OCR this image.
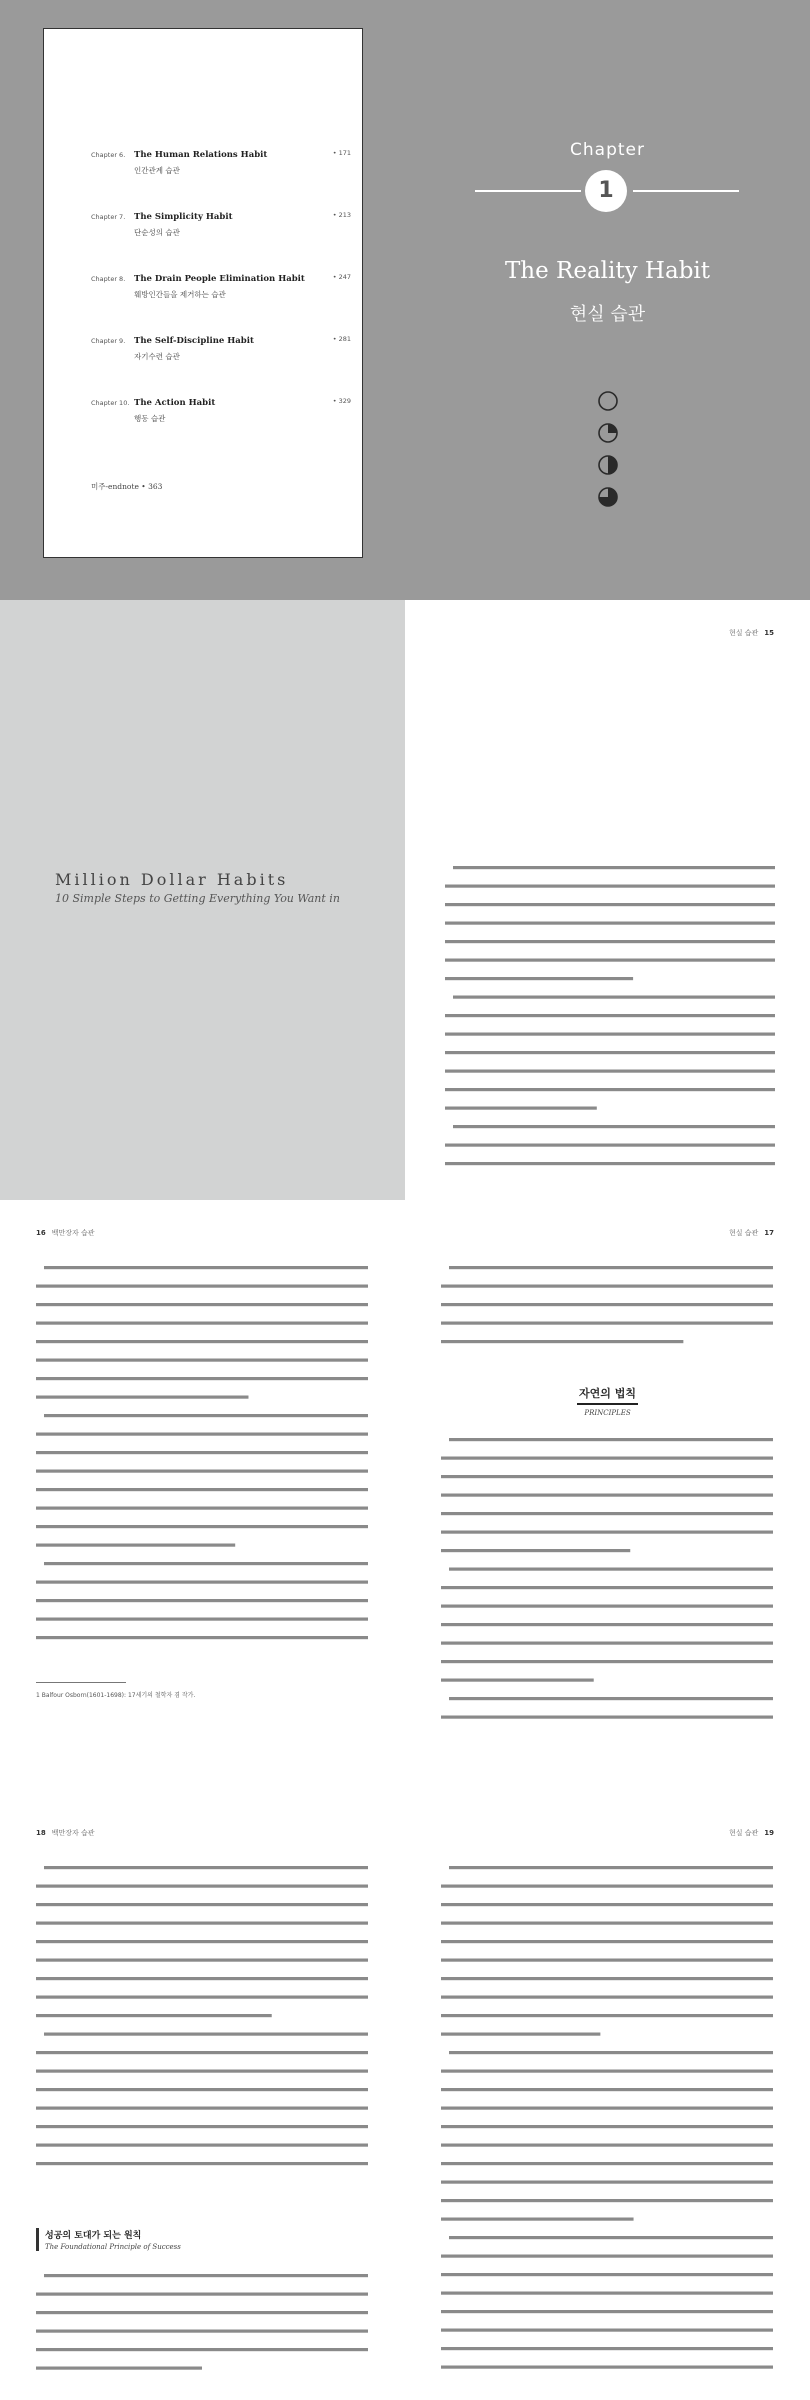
Chapter 6. The Human Relations Habit	• 171
인간관계 습관
Chapter 7. The Simplicity Habit	• 213
단순성의 습관
Chapter 8. The Drain People Elimination Habit	• 247
훼방인간들을 제거하는 습관
Chapter 9. The Self-Discipline Habit	• 281
자기수련 습관
Chapter 10. The Action Habit	• 329
행동 습관
미주-endnote • 363
Chapter
1
The Reality Habit
현실 습관
Million Dollar Habits
10 Simple Steps to Getting Everything You Want in
현실 습관 15
16 백만장자 습관
1 Balfour Osborn(1601-1698): 17세기의 철학자 겸 작가.
현실 습관 17
자연의 법칙
PRINCIPLES
18 백만장자 습관
성공의 토대가 되는 원칙
The Foundational Principle of Success
현실 습관 19
